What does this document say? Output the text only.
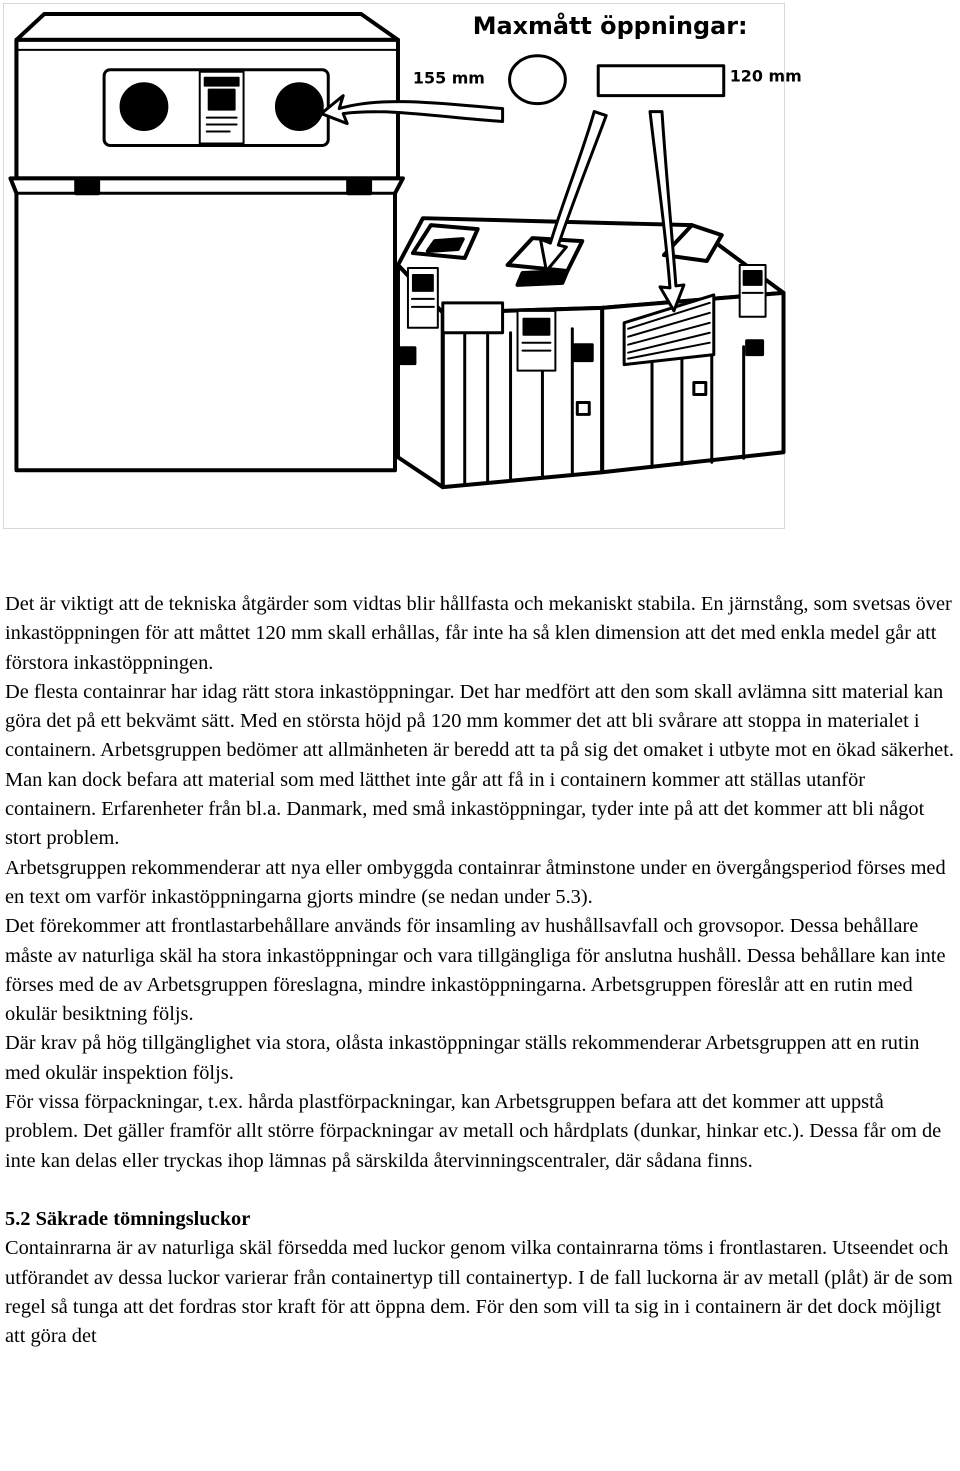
Maxmått öppningar:
155 mm	120 mm

Det är viktigt att de tekniska åtgärder som vidtas blir hållfasta och mekaniskt stabila. En järnstång, som svetsas över inkastöppningen för att måttet 120 mm skall erhållas, får inte ha så klen dimension att det med enkla medel går att förstora inkastöppningen.

De flesta containrar har idag rätt stora inkastöppningar. Det har medfört att den som skall avlämna sitt material kan göra det på ett bekvämt sätt. Med en största höjd på 120 mm kommer det att bli svårare att stoppa in materialet i containern. Arbetsgruppen bedömer att allmänheten är beredd att ta på sig det omaket i utbyte mot en ökad säkerhet. Man kan dock befara att material som med lätthet inte går att få in i containern kommer att ställas utanför containern. Erfarenheter från bl.a. Danmark, med små inkastöppningar, tyder inte på att det kommer att bli något stort problem.

Arbetsgruppen rekommenderar att nya eller ombyggda containrar åtminstone under en övergångsperiod förses med en text om varför inkastöppningarna gjorts mindre (se nedan under 5.3).

Det förekommer att frontlastarbehållare används för insamling av hushållsavfall och grovsopor. Dessa behållare måste av naturliga skäl ha stora inkastöppningar och vara tillgängliga för anslutna hushåll. Dessa behållare kan inte förses med de av Arbetsgruppen föreslagna, mindre inkastöppningarna. Arbetsgruppen föreslår att en rutin med okulär besiktning följs.

Där krav på hög tillgänglighet via stora, olåsta inkastöppningar ställs rekommenderar Arbetsgruppen att en rutin med okulär inspektion följs.

För vissa förpackningar, t.ex. hårda plastförpackningar, kan Arbetsgruppen befara att det kommer att uppstå problem. Det gäller framför allt större förpackningar av metall och hårdplats (dunkar, hinkar etc.). Dessa får om de inte kan delas eller tryckas ihop lämnas på särskilda återvinningscentraler, där sådana finns.

5.2 Säkrade tömningsluckor

Containrarna är av naturliga skäl försedda med luckor genom vilka containrarna töms i frontlastaren. Utseendet och utförandet av dessa luckor varierar från containertyp till containertyp. I de fall luckorna är av metall (plåt) är de som regel så tunga att det fordras stor kraft för att öppna dem. För den som vill ta sig in i containern är det dock möjligt att göra det
